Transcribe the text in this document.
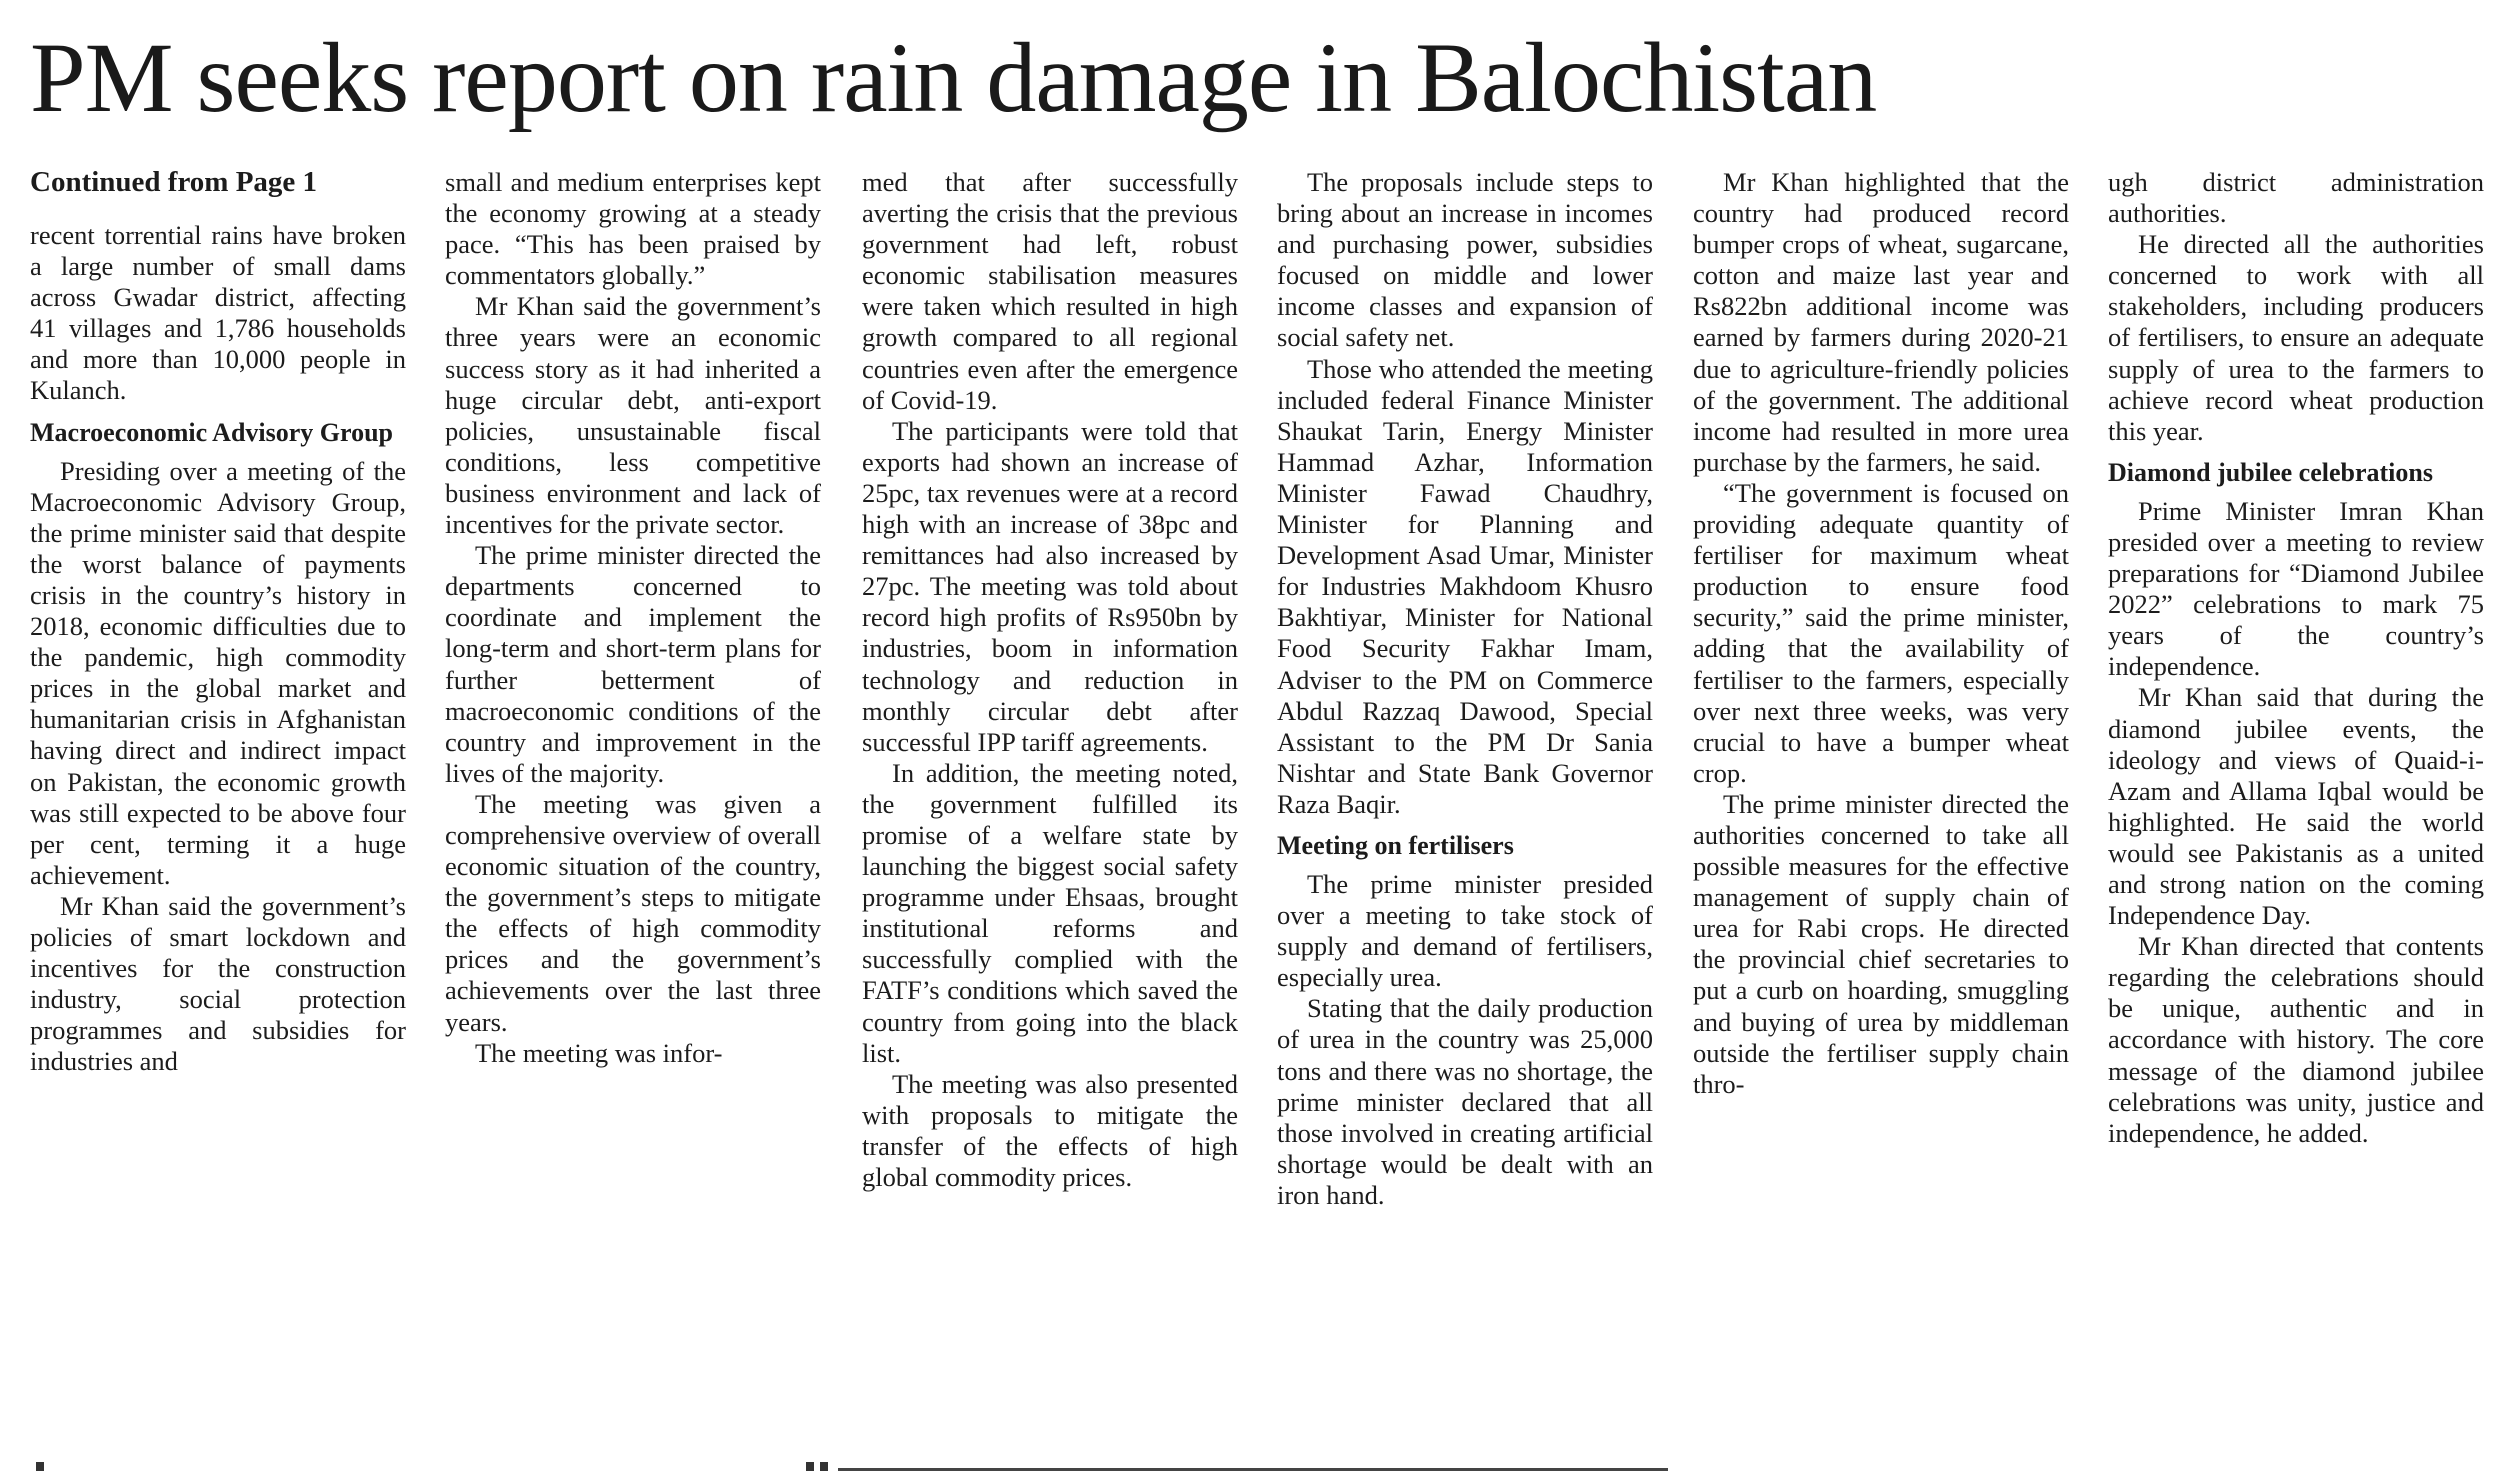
PM seeks report on rain damage in Balochistan
Continued from Page 1

recent torrential rains have broken a large number of small dams across Gwadar district, affecting 41 villages and 1,786 households and more than 10,000 people in Kulanch.

Macroeconomic Advisory Group

Presiding over a meeting of the Macroeconomic Advisory Group, the prime minister said that despite the worst balance of payments crisis in the country’s history in 2018, economic difficulties due to the pandemic, high commodity prices in the global market and humanitarian crisis in Afghanistan having direct and indirect impact on Pakistan, the economic growth was still expected to be above four per cent, terming it a huge achievement.

Mr Khan said the government’s policies of smart lockdown and incentives for the construction industry, social protection programmes and subsidies for industries and

small and medium enterprises kept the economy growing at a steady pace. “This has been praised by commentators globally.”

Mr Khan said the government’s three years were an economic success story as it had inherited a huge circular debt, anti-export policies, unsustainable fiscal conditions, less competitive business environment and lack of incentives for the private sector.

The prime minister directed the departments concerned to coordinate and implement the long-term and short-term plans for further betterment of macroeconomic conditions of the country and improvement in the lives of the majority.

The meeting was given a comprehensive overview of overall economic situation of the country, the government’s steps to mitigate the effects of high commodity prices and the government’s achievements over the last three years.

The meeting was infor-

med that after successfully averting the crisis that the previous government had left, robust economic stabilisation measures were taken which resulted in high growth compared to all regional countries even after the emergence of Covid-19.

The participants were told that exports had shown an increase of 25pc, tax revenues were at a record high with an increase of 38pc and remittances had also increased by 27pc. The meeting was told about record high profits of Rs950bn by industries, boom in information technology and reduction in monthly circular debt after successful IPP tariff agreements.

In addition, the meeting noted, the government fulfilled its promise of a welfare state by launching the biggest social safety programme under Ehsaas, brought institutional reforms and successfully complied with the FATF’s conditions which saved the country from going into the black list.

The meeting was also presented with proposals to mitigate the transfer of the effects of high global commodity prices.

The proposals include steps to bring about an increase in incomes and purchasing power, subsidies focused on middle and lower income classes and expansion of social safety net.

Those who attended the meeting included federal Finance Minister Shaukat Tarin, Energy Minister Hammad Azhar, Information Minister Fawad Chaudhry, Minister for Planning and Development Asad Umar, Minister for Industries Makhdoom Khusro Bakhtiyar, Minister for National Food Security Fakhar Imam, Adviser to the PM on Commerce Abdul Razzaq Dawood, Special Assistant to the PM Dr Sania Nishtar and State Bank Governor Raza Baqir.

Meeting on fertilisers

The prime minister presided over a meeting to take stock of supply and demand of fertilisers, especially urea.

Stating that the daily production of urea in the country was 25,000 tons and there was no shortage, the prime minister declared that all those involved in creating artificial shortage would be dealt with an iron hand.

Mr Khan highlighted that the country had produced record bumper crops of wheat, sugarcane, cotton and maize last year and Rs822bn additional income was earned by farmers during 2020-21 due to agriculture-friendly policies of the government. The additional income had resulted in more urea purchase by the farmers, he said.

“The government is focused on providing adequate quantity of fertiliser for maximum wheat production to ensure food security,” said the prime minister, adding that the availability of fertiliser to the farmers, especially over next three weeks, was very crucial to have a bumper wheat crop.

The prime minister directed the authorities concerned to take all possible measures for the effective management of supply chain of urea for Rabi crops. He directed the provincial chief secretaries to put a curb on hoarding, smuggling and buying of urea by middleman outside the fertiliser supply chain thro-

ugh district administration authorities.

He directed all the authorities concerned to work with all stakeholders, including producers of fertilisers, to ensure an adequate supply of urea to the farmers to achieve record wheat production this year.

Diamond jubilee celebrations

Prime Minister Imran Khan presided over a meeting to review preparations for “Diamond Jubilee 2022” celebrations to mark 75 years of the country’s independence.

Mr Khan said that during the diamond jubilee events, the ideology and views of Quaid-i-Azam and Allama Iqbal would be highlighted. He said the world would see Pakistanis as a united and strong nation on the coming Independence Day.

Mr Khan directed that contents regarding the celebrations should be unique, authentic and in accordance with history. The core message of the diamond jubilee celebrations was unity, justice and independence, he added.
